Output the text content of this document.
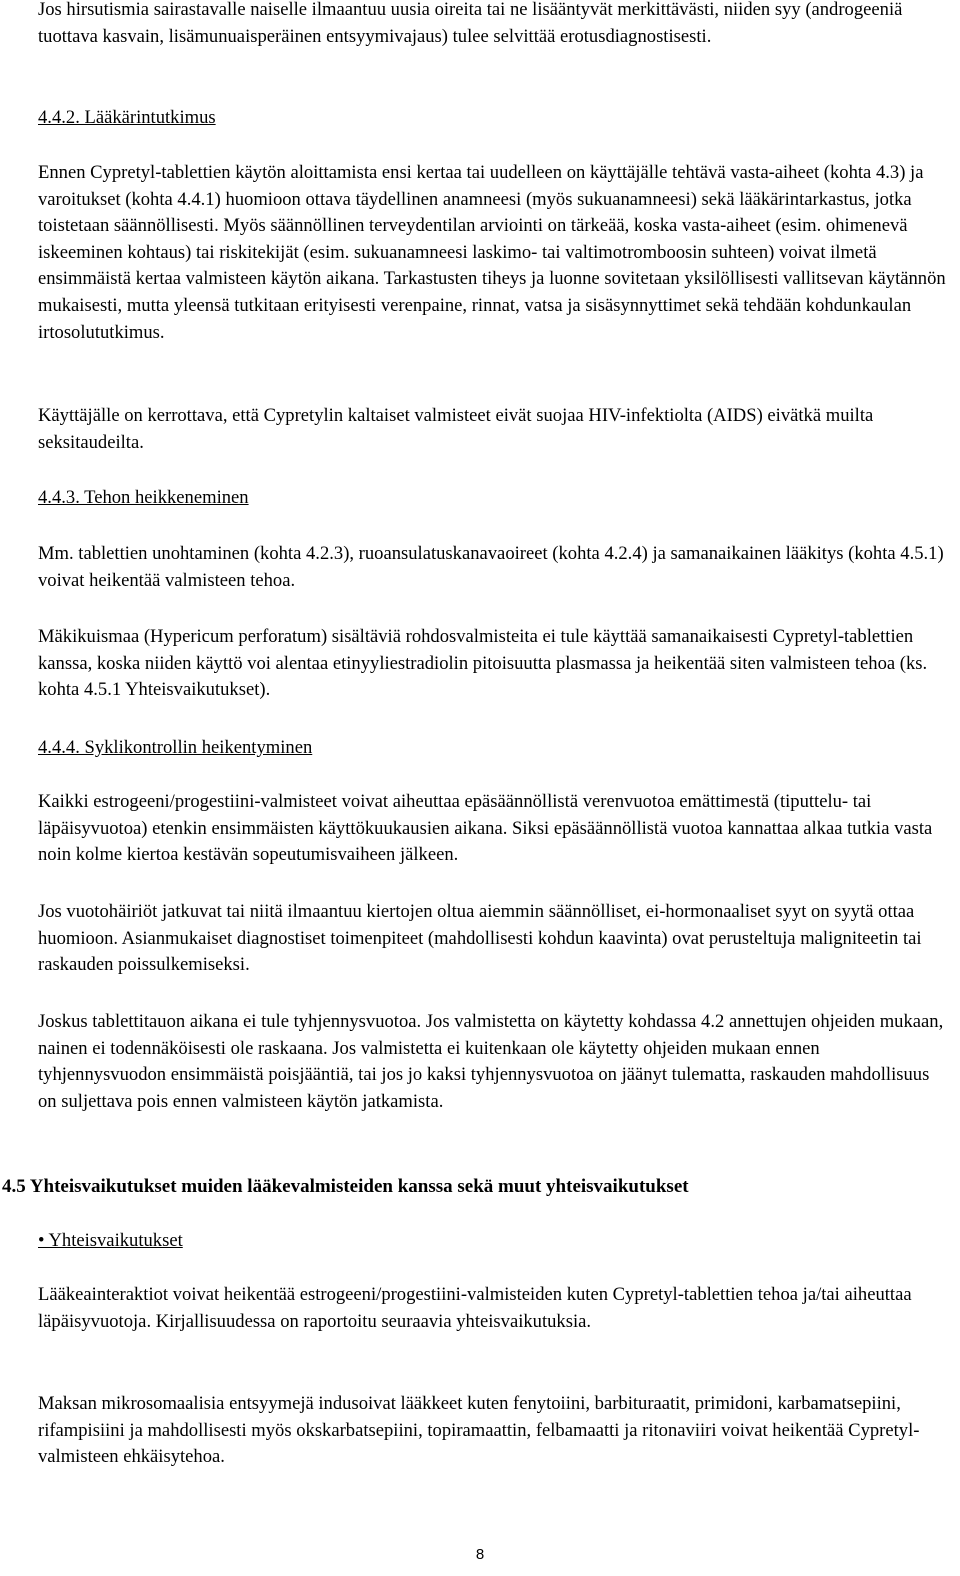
Jos hirsutismia sairastavalle naiselle ilmaantuu uusia oireita tai ne lisääntyvät merkittävästi, niiden syy (androgeeniä tuottava kasvain, lisämunuaisperäinen entsyymivajaus) tulee selvittää erotusdiagnostisesti.

4.4.2. Lääkärintutkimus

Ennen Cypretyl-tablettien käytön aloittamista ensi kertaa tai uudelleen on käyttäjälle tehtävä vasta-aiheet (kohta 4.3) ja varoitukset (kohta 4.4.1) huomioon ottava täydellinen anamneesi (myös sukuanamneesi) sekä lääkärintarkastus, jotka toistetaan säännöllisesti. Myös säännöllinen terveydentilan arviointi on tärkeää, koska vasta-aiheet (esim. ohimenevä iskeeminen kohtaus) tai riskitekijät (esim. sukuanamneesi laskimo- tai valtimotromboosin suhteen) voivat ilmetä ensimmäistä kertaa valmisteen käytön aikana. Tarkastusten tiheys ja luonne sovitetaan yksilöllisesti vallitsevan käytännön mukaisesti, mutta yleensä tutkitaan erityisesti verenpaine, rinnat, vatsa ja sisäsynnyttimet sekä tehdään kohdunkaulan irtosolututkimus.

Käyttäjälle on kerrottava, että Cypretylin kaltaiset valmisteet eivät suojaa HIV-infektiolta (AIDS) eivätkä muilta seksitaudeilta.

4.4.3. Tehon heikkeneminen

Mm. tablettien unohtaminen (kohta 4.2.3), ruoansulatuskanavaoireet (kohta 4.2.4) ja samanaikainen lääkitys (kohta 4.5.1) voivat heikentää valmisteen tehoa.

Mäkikuismaa (Hypericum perforatum) sisältäviä rohdosvalmisteita ei tule käyttää samanaikaisesti Cypretyl-tablettien kanssa, koska niiden käyttö voi alentaa etinyyliestradiolin pitoisuutta plasmassa ja heikentää siten valmisteen tehoa (ks. kohta 4.5.1 Yhteisvaikutukset).

4.4.4. Syklikontrollin heikentyminen

Kaikki estrogeeni/progestiini-valmisteet voivat aiheuttaa epäsäännöllistä verenvuotoa emättimestä (tiputtelu- tai läpäisyvuotoa) etenkin ensimmäisten käyttökuukausien aikana. Siksi epäsäännöllistä vuotoa kannattaa alkaa tutkia vasta noin kolme kiertoa kestävän sopeutumisvaiheen jälkeen.

Jos vuotohäiriöt jatkuvat tai niitä ilmaantuu kiertojen oltua aiemmin säännölliset, ei-hormonaaliset syyt on syytä ottaa huomioon. Asianmukaiset diagnostiset toimenpiteet (mahdollisesti kohdun kaavinta) ovat perusteltuja maligniteetin tai raskauden poissulkemiseksi.

Joskus tablettitauon aikana ei tule tyhjennysvuotoa. Jos valmistetta on käytetty kohdassa 4.2 annettujen ohjeiden mukaan, nainen ei todennäköisesti ole raskaana. Jos valmistetta ei kuitenkaan ole käytetty ohjeiden mukaan ennen tyhjennysvuodon ensimmäistä poisjääntiä, tai jos jo kaksi tyhjennysvuotoa on jäänyt tulematta, raskauden mahdollisuus on suljettava pois ennen valmisteen käytön jatkamista.

4.5 Yhteisvaikutukset muiden lääkevalmisteiden kanssa sekä muut yhteisvaikutukset

• Yhteisvaikutukset

Lääkeainteraktiot voivat heikentää estrogeeni/progestiini-valmisteiden kuten Cypretyl-tablettien tehoa ja/tai aiheuttaa läpäisyvuotoja. Kirjallisuudessa on raportoitu seuraavia yhteisvaikutuksia.

Maksan mikrosomaalisia entsyymejä indusoivat lääkkeet kuten fenytoiini, barbituraatit, primidoni, karbamatsepiini, rifampisiini ja mahdollisesti myös okskarbatsepiini, topiramaattin, felbamaatti ja ritonaviiri voivat heikentää Cypretyl-valmisteen ehkäisytehoa.

8
